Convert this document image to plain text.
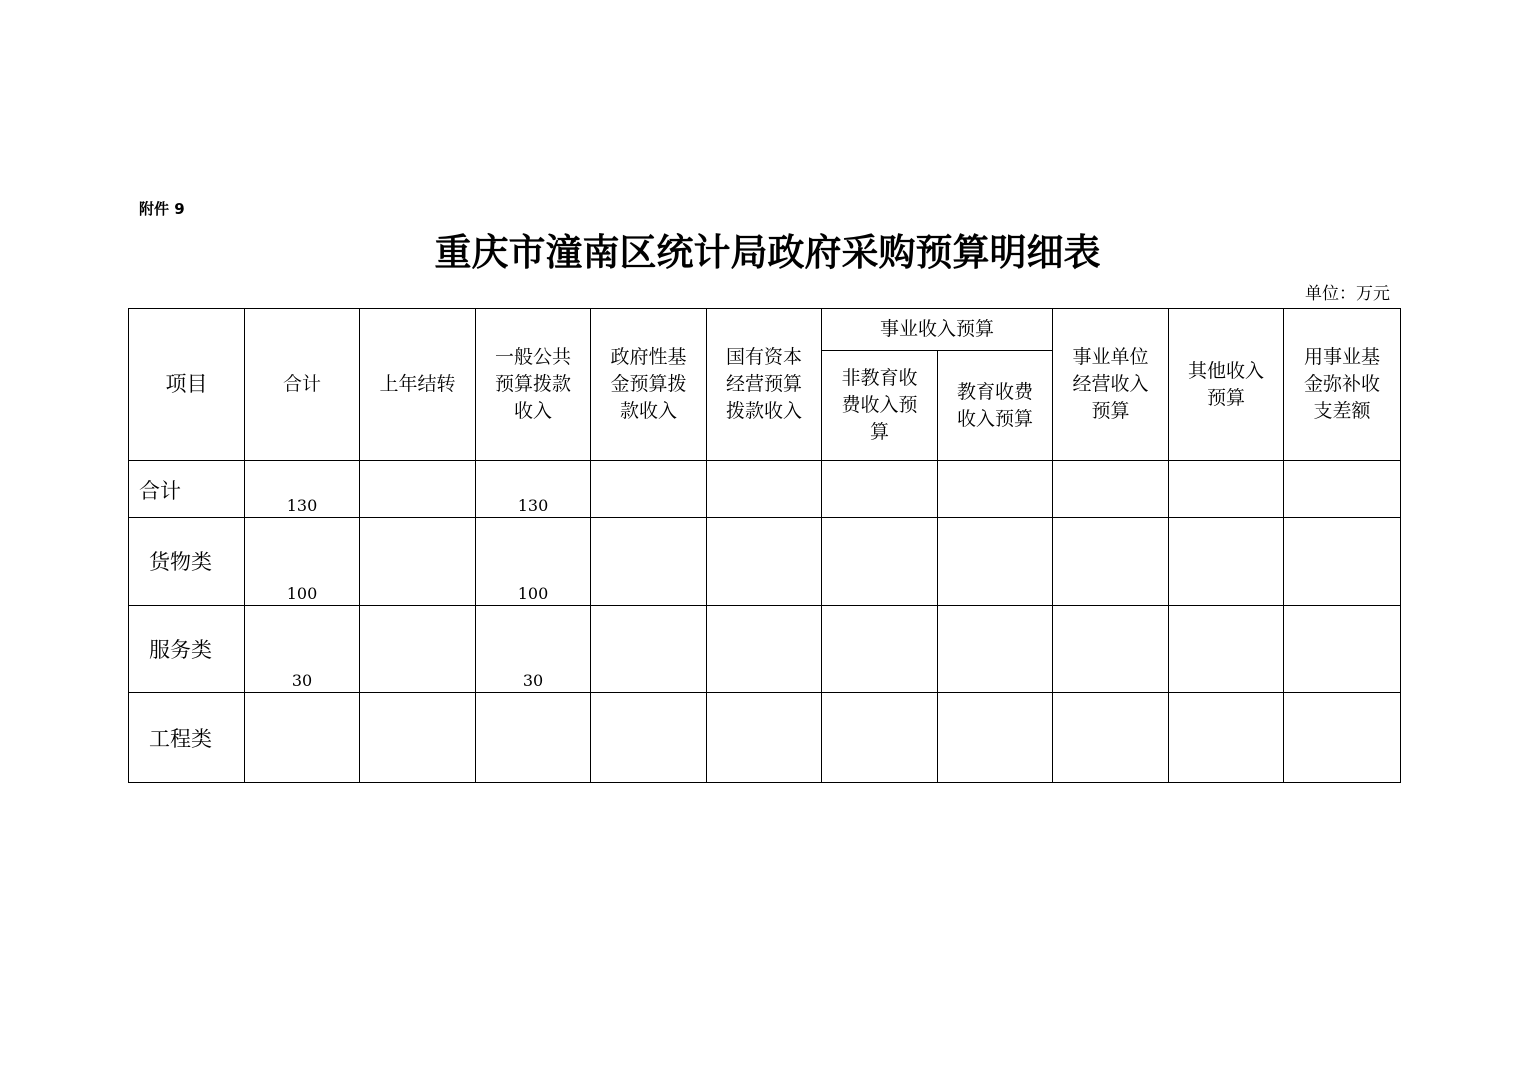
附件 9
重庆市潼南区统计局政府采购预算明细表
单位：万元
项目	合计	上年结转	一般公共预算拨款收入	政府性基金预算拨款收入	国有资本经营预算拨款收入	事业收入预算		事业单位经营收入预算	其他收入预算	用事业基金弥补收支差额

						非教育收费收入预算	教育收费收入预算			

合计	130		130							
货物类	100		100							
服务类	30		30							
工程类										
